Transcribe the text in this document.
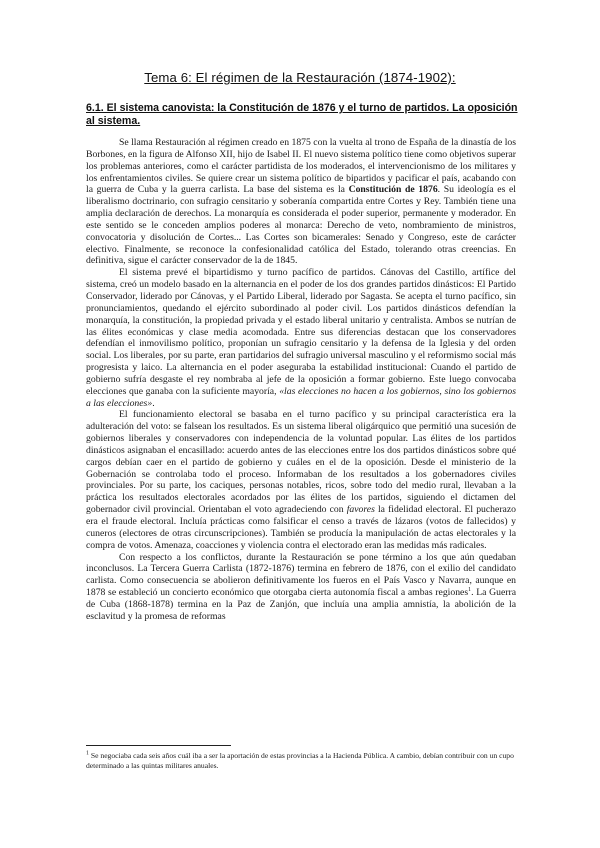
Tema 6: El régimen de la Restauración (1874-1902):
6.1. El sistema canovista: la Constitución de 1876 y el turno de partidos. La oposición al sistema.

Se llama Restauración al régimen creado en 1875 con la vuelta al trono de España de la dinastía de los Borbones, en la figura de Alfonso XII, hijo de Isabel II. El nuevo sistema político tiene como objetivos superar los problemas anteriores, como el carácter partidista de los moderados, el intervencionismo de los militares y los enfrentamientos civiles. Se quiere crear un sistema político de bipartidos y pacificar el país, acabando con la guerra de Cuba y la guerra carlista. La base del sistema es la Constitución de 1876. Su ideología es el liberalismo doctrinario, con sufragio censitario y soberanía compartida entre Cortes y Rey. También tiene una amplia declaración de derechos. La monarquía es considerada el poder superior, permanente y moderador. En este sentido se le conceden amplios poderes al monarca: Derecho de veto, nombramiento de ministros, convocatoria y disolución de Cortes... Las Cortes son bicamerales: Senado y Congreso, este de carácter electivo. Finalmente, se reconoce la confesionalidad católica del Estado, tolerando otras creencias. En definitiva, sigue el carácter conservador de la de 1845.

El sistema prevé el bipartidismo y turno pacífico de partidos. Cánovas del Castillo, artífice del sistema, creó un modelo basado en la alternancia en el poder de los dos grandes partidos dinásticos: El Partido Conservador, liderado por Cánovas, y el Partido Liberal, liderado por Sagasta. Se acepta el turno pacífico, sin pronunciamientos, quedando el ejército subordinado al poder civil. Los partidos dinásticos defendían la monarquía, la constitución, la propiedad privada y el estado liberal unitario y centralista. Ambos se nutrían de las élites económicas y clase media acomodada. Entre sus diferencias destacan que los conservadores defendían el inmovilismo político, proponían un sufragio censitario y la defensa de la Iglesia y del orden social. Los liberales, por su parte, eran partidarios del sufragio universal masculino y el reformismo social más progresista y laico. La alternancia en el poder aseguraba la estabilidad institucional: Cuando el partido de gobierno sufría desgaste el rey nombraba al jefe de la oposición a formar gobierno. Este luego convocaba elecciones que ganaba con la suficiente mayoría, «las elecciones no hacen a los gobiernos, sino los gobiernos a las elecciones».

El funcionamiento electoral se basaba en el turno pacífico y su principal característica era la adulteración del voto: se falsean los resultados. Es un sistema liberal oligárquico que permitió una sucesión de gobiernos liberales y conservadores con independencia de la voluntad popular. Las élites de los partidos dinásticos asignaban el encasillado: acuerdo antes de las elecciones entre los dos partidos dinásticos sobre qué cargos debían caer en el partido de gobierno y cuáles en el de la oposición. Desde el ministerio de la Gobernación se controlaba todo el proceso. Informaban de los resultados a los gobernadores civiles provinciales. Por su parte, los caciques, personas notables, ricos, sobre todo del medio rural, llevaban a la práctica los resultados electorales acordados por las élites de los partidos, siguiendo el dictamen del gobernador civil provincial. Orientaban el voto agradeciendo con favores la fidelidad electoral. El pucherazo era el fraude electoral. Incluía prácticas como falsificar el censo a través de lázaros (votos de fallecidos) y cuneros (electores de otras circunscripciones). También se producía la manipulación de actas electorales y la compra de votos. Amenaza, coacciones y violencia contra el electorado eran las medidas más radicales.

Con respecto a los conflictos, durante la Restauración se pone término a los que aún quedaban inconclusos. La Tercera Guerra Carlista (1872-1876) termina en febrero de 1876, con el exilio del candidato carlista. Como consecuencia se abolieron definitivamente los fueros en el País Vasco y Navarra, aunque en 1878 se estableció un concierto económico que otorgaba cierta autonomía fiscal a ambas regiones$^1$. La Guerra de Cuba (1868-1878) termina en la Paz de Zanjón, que incluía una amplia amnistía, la abolición de la esclavitud y la promesa de reformas

$^1$ Se negociaba cada seis años cuál iba a ser la aportación de estas provincias a la Hacienda Pública. A cambio, debían contribuir con un cupo determinado a las quintas militares anuales.
